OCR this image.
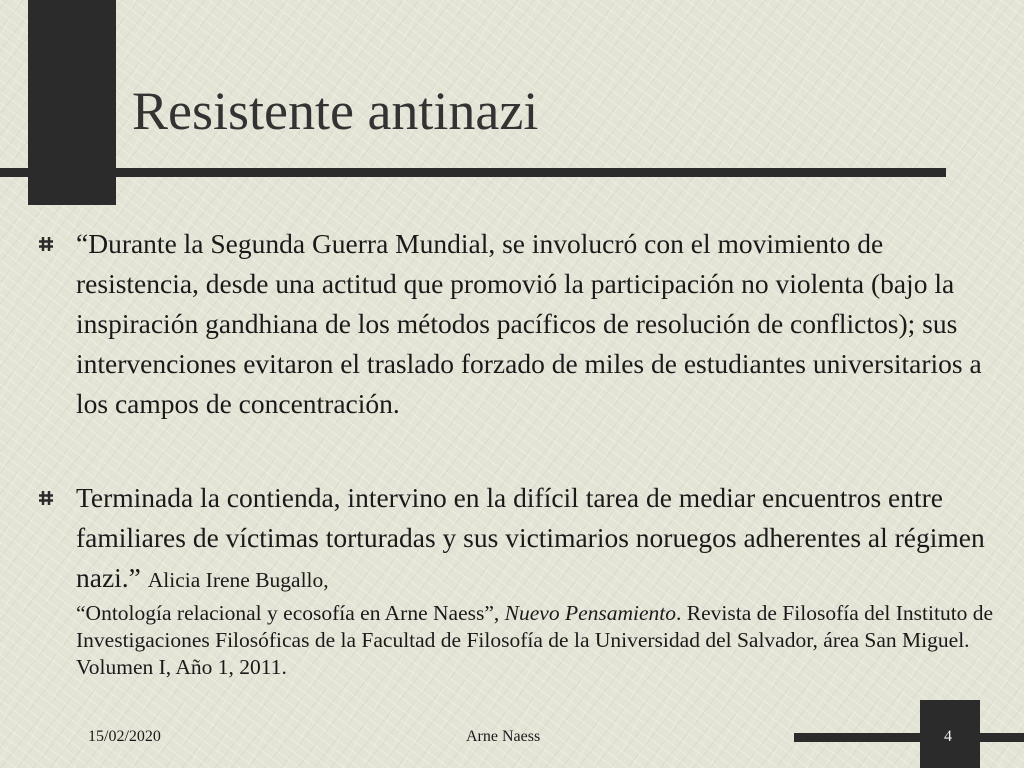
Resistente antinazi
“Durante la Segunda Guerra Mundial, se involucró con el movimiento de resistencia, desde una actitud que promovió la participación no violenta (bajo la inspiración gandhiana de los métodos pacíficos de resolución de conflictos); sus intervenciones evitaron el traslado forzado de miles de estudiantes universitarios a los campos de concentración.
Terminada la contienda, intervino en la difícil tarea de mediar encuentros entre familiares de víctimas torturadas y sus victimarios noruegos adherentes al régimen nazi.” Alicia Irene Bugallo,
“Ontología relacional y ecosofía en Arne Naess”, Nuevo Pensamiento. Revista de Filosofía del Instituto de Investigaciones Filosóficas de la Facultad de Filosofía de la Universidad del Salvador, área San Miguel. Volumen I, Año 1, 2011.
15/02/2020	Arne Naess	4
